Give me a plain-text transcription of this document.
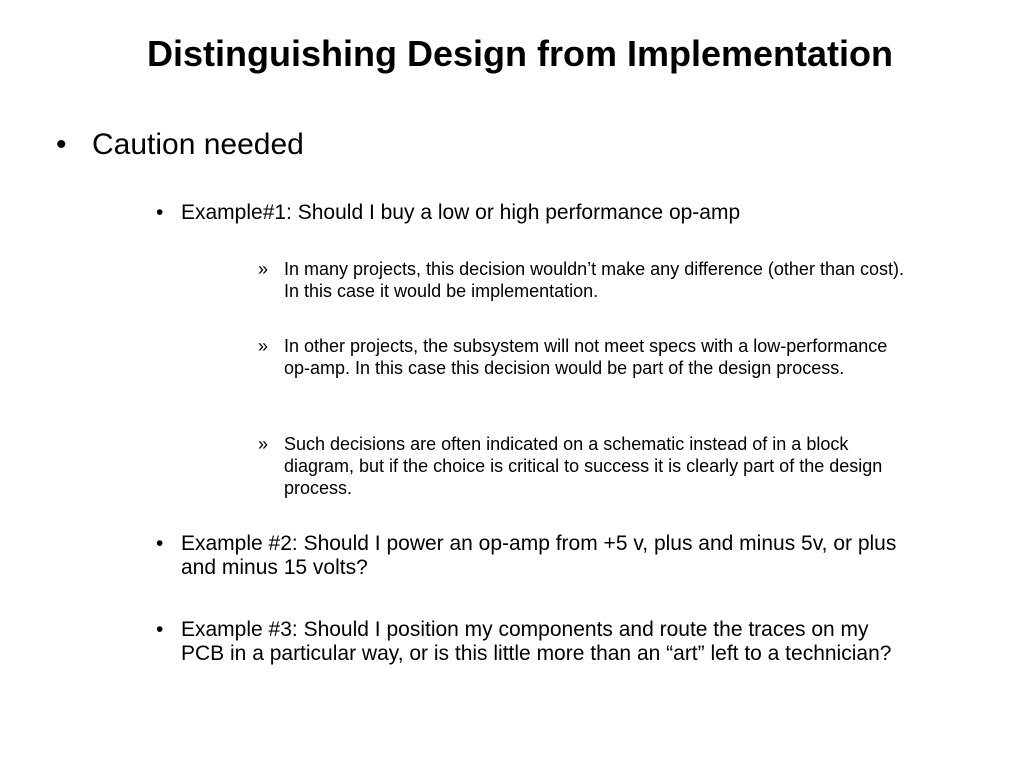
Distinguishing Design from Implementation
• Caution needed
• Example#1: Should I buy a low or high performance op-amp
» In many projects, this decision wouldn’t make any difference (other than cost). In this case it would be implementation.
» In other projects, the subsystem will not meet specs with a low-performance op-amp. In this case this decision would be part of the design process.
» Such decisions are often indicated on a schematic instead of in a block diagram, but if the choice is critical to success it is clearly part of the design process.
• Example #2: Should I power an op-amp from +5 v, plus and minus 5v, or plus and minus 15 volts?
• Example #3: Should I position my components and route the traces on my PCB in a particular way, or is this little more than an “art” left to a technician?
